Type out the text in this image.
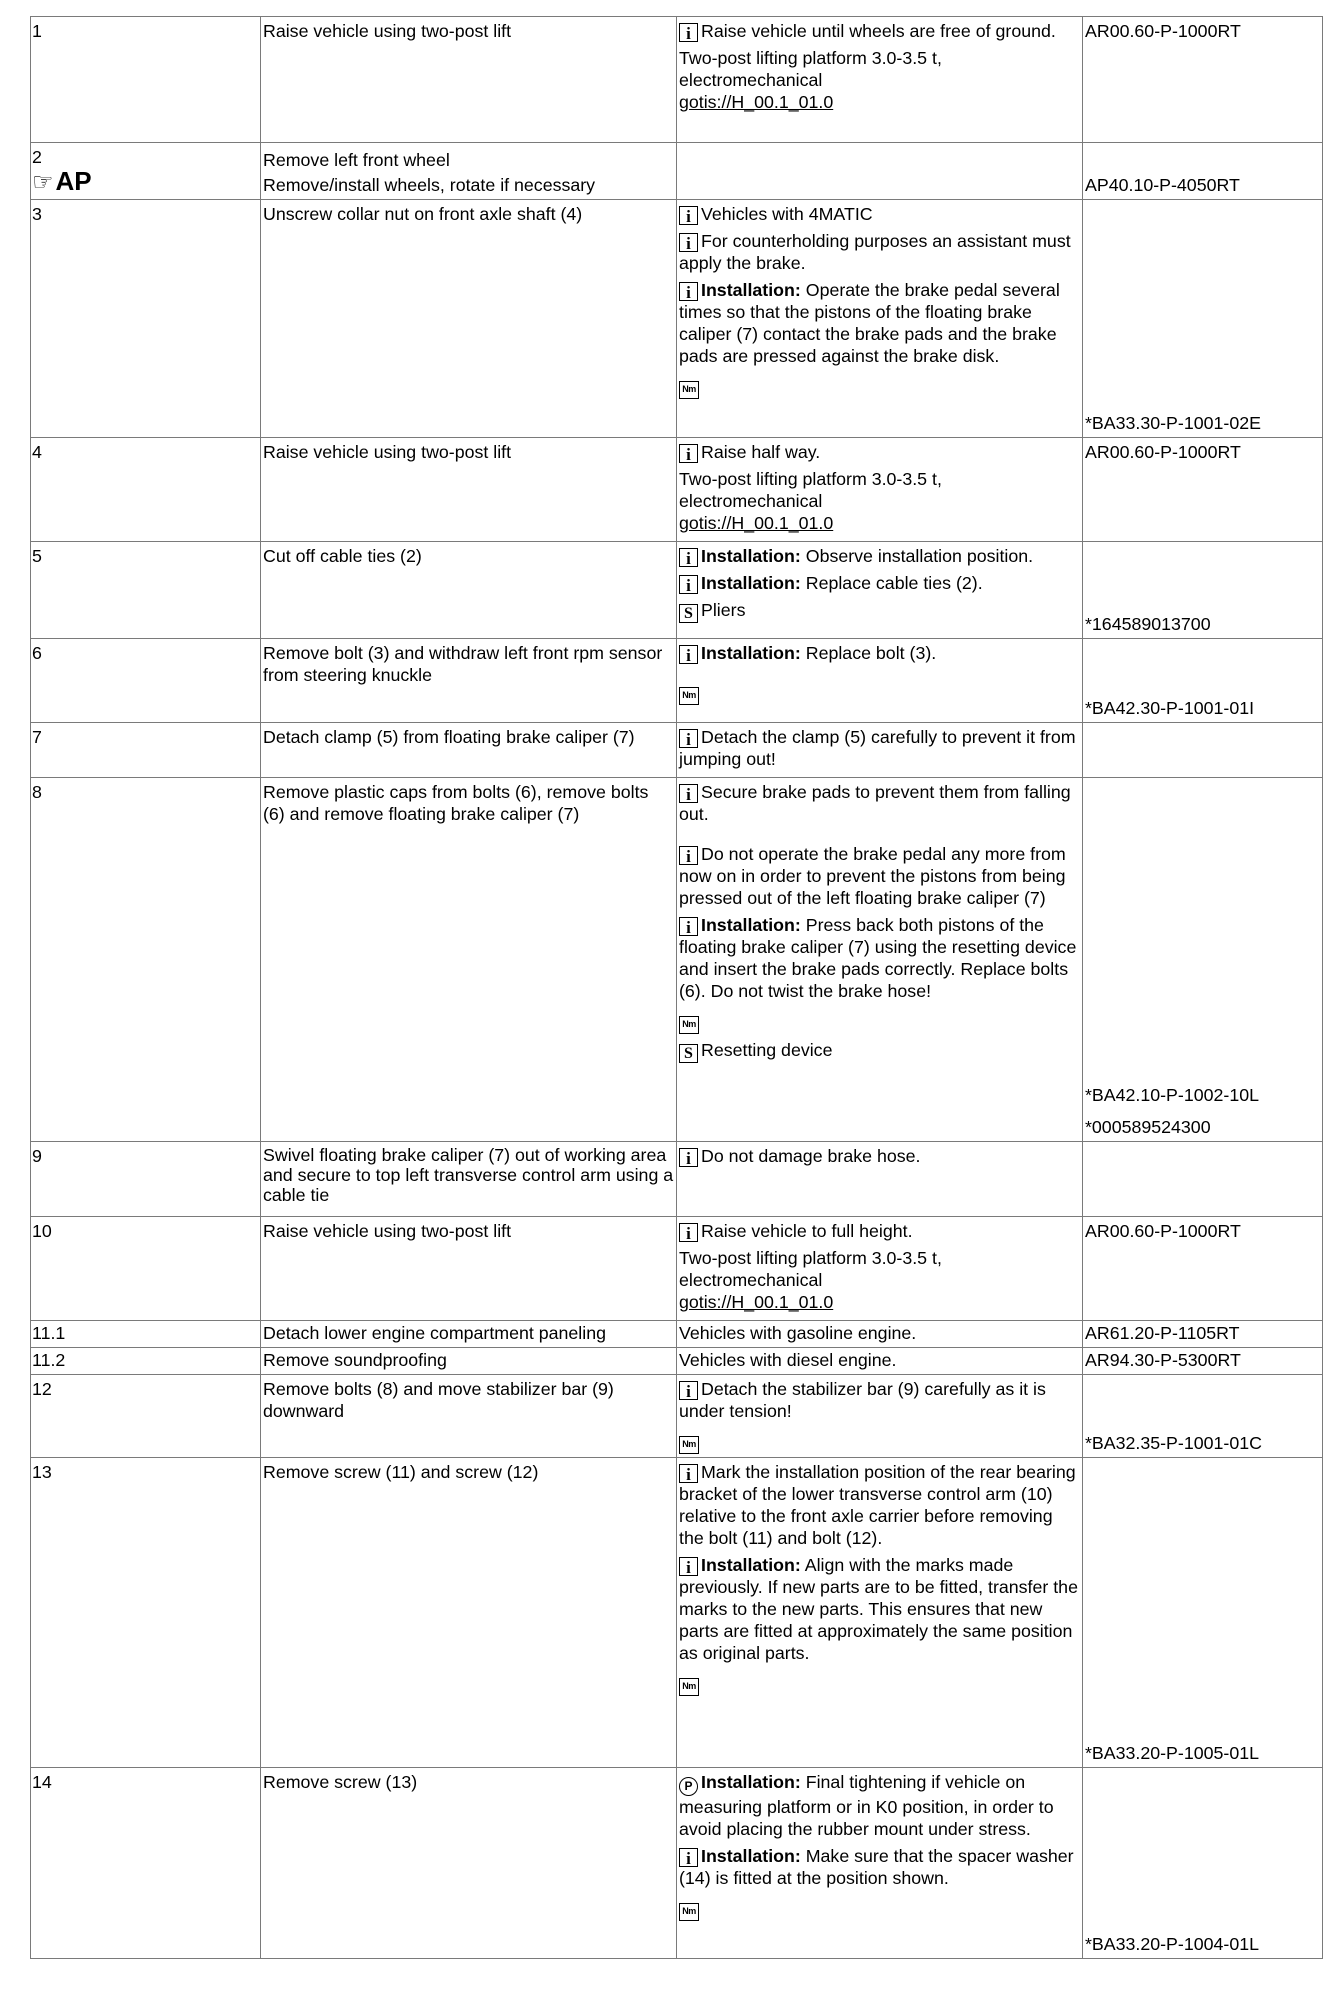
1	Raise vehicle using two-post lift	i Raise vehicle until wheels are free of ground.
Two-post lifting platform 3.0-3.5 t,
electromechanical
gotis://H_00.1_01.0	AR00.60-P-1000RT

2
☞AP	Remove left front wheel
Remove/install wheels, rotate if necessary		AP40.10-P-4050RT
3	Unscrew collar nut on front axle shaft (4)	i Vehicles with 4MATIC
i For counterholding purposes an assistant must apply the brake.
i Installation: Operate the brake pedal several times so that the pistons of the floating brake caliper (7) contact the brake pads and the brake pads are pressed against the brake disk.
Nm	*BA33.30-P-1001-02E
4	Raise vehicle using two-post lift	i Raise half way.
Two-post lifting platform 3.0-3.5 t,
electromechanical
gotis://H_00.1_01.0	AR00.60-P-1000RT
5	Cut off cable ties (2)	i Installation: Observe installation position.
i Installation: Replace cable ties (2).
S Pliers	*164589013700
6	Remove bolt (3) and withdraw left front rpm sensor from steering knuckle	i Installation: Replace bolt (3).
Nm	*BA42.30-P-1001-01I
7	Detach clamp (5) from floating brake caliper (7)	i Detach the clamp (5) carefully to prevent it from jumping out!	

8	Remove plastic caps from bolts (6), remove bolts (6) and remove floating brake caliper (7)	i Secure brake pads to prevent them from falling out.
i Do not operate the brake pedal any more from now on in order to prevent the pistons from being pressed out of the left floating brake caliper (7)
i Installation: Press back both pistons of the floating brake caliper (7) using the resetting device and insert the brake pads correctly. Replace bolts (6). Do not twist the brake hose!
Nm
S Resetting device	*BA42.10-P-1002-10L
*000589524300

9	Swivel floating brake caliper (7) out of working area and secure to top left transverse control arm using a cable tie	i Do not damage brake hose.	

10	Raise vehicle using two-post lift	i Raise vehicle to full height.
Two-post lifting platform 3.0-3.5 t,
electromechanical
gotis://H_00.1_01.0	AR00.60-P-1000RT
11.1	Detach lower engine compartment paneling	Vehicles with gasoline engine.	AR61.20-P-1105RT
11.2	Remove soundproofing	Vehicles with diesel engine.	AR94.30-P-5300RT
12	Remove bolts (8) and move stabilizer bar (9) downward	i Detach the stabilizer bar (9) carefully as it is under tension!
Nm	*BA32.35-P-1001-01C
13	Remove screw (11) and screw (12)	i Mark the installation position of the rear bearing bracket of the lower transverse control arm (10) relative to the front axle carrier before removing the bolt (11) and bolt (12).
i Installation: Align with the marks made previously. If new parts are to be fitted, transfer the marks to the new parts. This ensures that new parts are fitted at approximately the same position as original parts.
Nm	*BA33.20-P-1005-01L
14	Remove screw (13)	P Installation: Final tightening if vehicle on measuring platform or in K0 position, in order to avoid placing the rubber mount under stress.
i Installation: Make sure that the spacer washer (14) is fitted at the position shown.
Nm	*BA33.20-P-1004-01L
